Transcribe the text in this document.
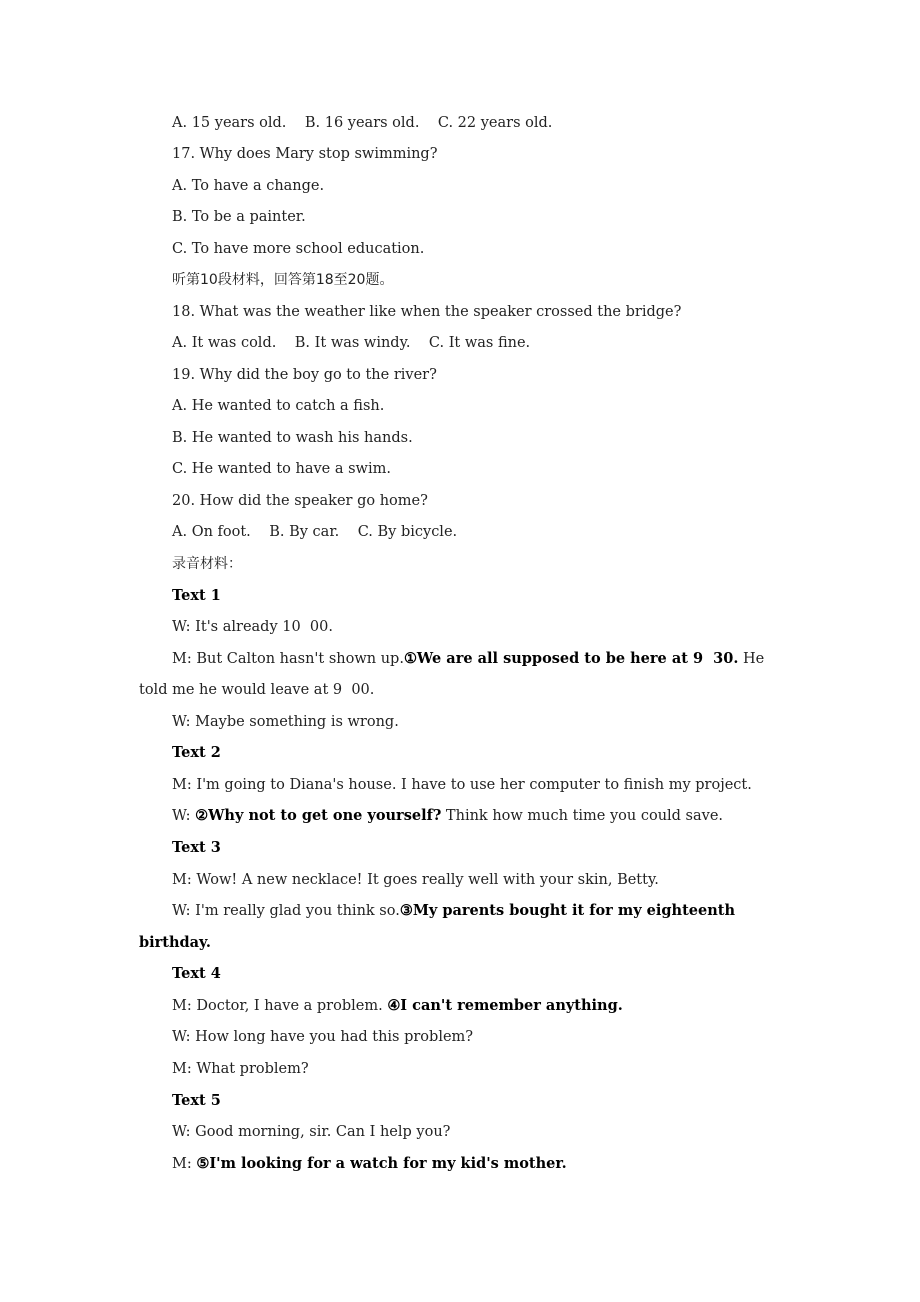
A. 15 years old.    B. 16 years old.    C. 22 years old.
17. Why does Mary stop swimming?
A. To have a change.
B. To be a painter.
C. To have more school education.
听第10段材料，回答第18至20题。
18. What was the weather like when the speaker crossed the bridge?
A. It was cold.    B. It was windy.    C. It was fine.
19. Why did the boy go to the river?
A. He wanted to catch a fish.
B. He wanted to wash his hands.
C. He wanted to have a swim.
20. How did the speaker go home?
A. On foot.    B. By car.    C. By bicycle.
录音材料：
Text 1
W: It's already 10  00.
M: But Calton hasn't shown up.①We are all supposed to be here at 9  30. He
told me he would leave at 9  00.
W: Maybe something is wrong.
Text 2
M: I'm going to Diana's house. I have to use her computer to finish my project.
W: ②Why not to get one yourself? Think how much time you could save.
Text 3
M: Wow! A new necklace! It goes really well with your skin, Betty.
W: I'm really glad you think so.③My parents bought it for my eighteenth
birthday.
Text 4
M: Doctor, I have a problem. ④I can't remember anything.
W: How long have you had this problem?
M: What problem?
Text 5
W: Good morning, sir. Can I help you?
M: ⑤I'm looking for a watch for my kid's mother.
